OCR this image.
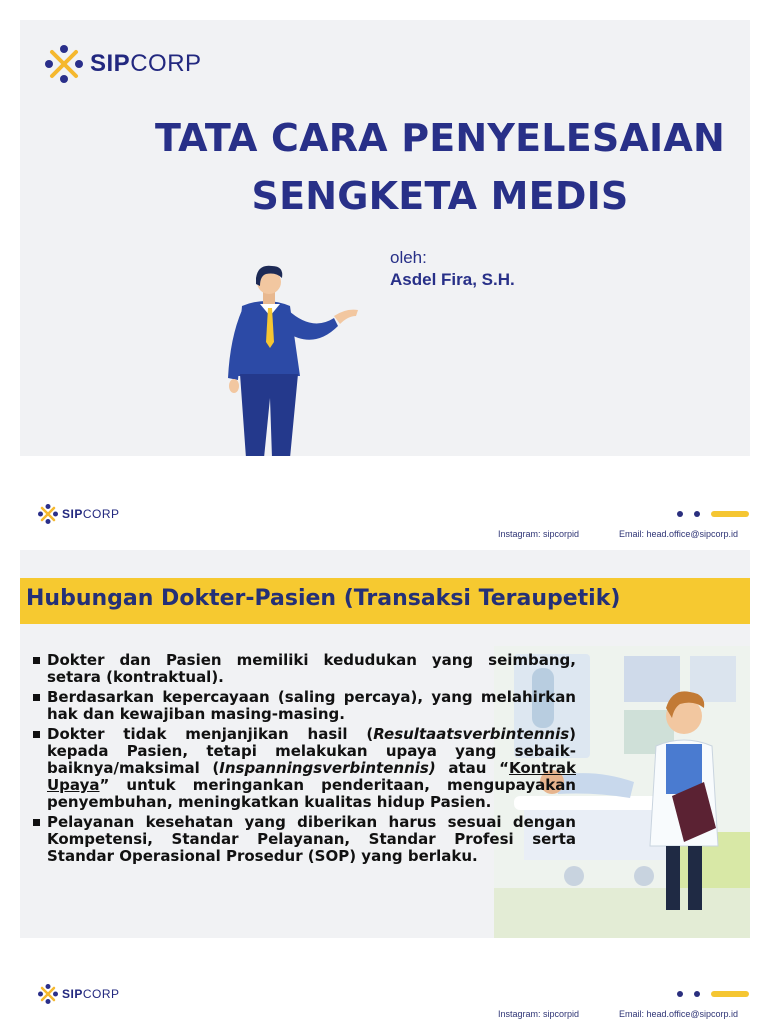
SIPCORP
TATA CARA PENYELESAIAN
SENGKETA MEDIS
oleh:
Asdel Fira, S.H.
SIPCORP
Instagram: sipcorpid	Email: head.office@sipcorp.id
Hubungan Dokter-Pasien (Transaksi Teraupetik)
Dokter dan Pasien memiliki kedudukan yang seimbang, setara (kontraktual).
Berdasarkan kepercayaan (saling percaya), yang melahirkan hak dan kewajiban masing-masing.
Dokter tidak menjanjikan hasil (Resultaatsverbintennis) kepada Pasien, tetapi melakukan upaya yang sebaik-baiknya/maksimal (Inspanningsverbintennis) atau “Kontrak Upaya” untuk meringankan penderitaan, mengupayakan penyembuhan, meningkatkan kualitas hidup Pasien.
Pelayanan kesehatan yang diberikan harus sesuai dengan Kompetensi, Standar Pelayanan, Standar Profesi serta Standar Operasional Prosedur (SOP) yang berlaku.
SIPCORP
Instagram: sipcorpid	Email: head.office@sipcorp.id
